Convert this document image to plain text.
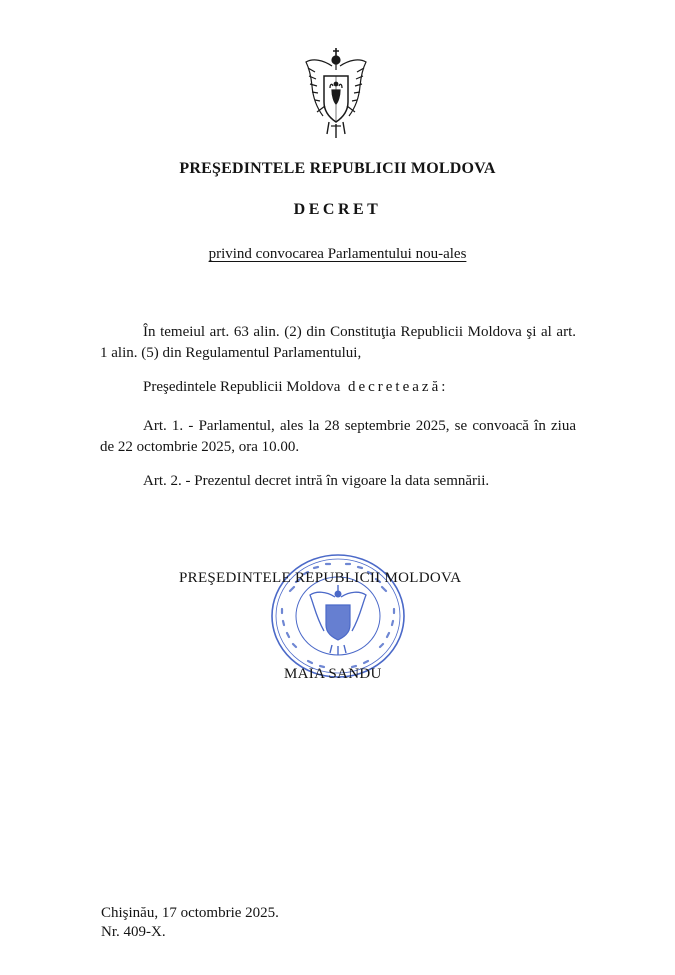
PREŞEDINTELE REPUBLICII MOLDOVA
DECRET
privind convocarea Parlamentului nou-ales
În temeiul art. 63 alin. (2) din Constituţia Republicii Moldova şi al art. 1 alin. (5) din Regulamentul Parlamentului,
Preşedintele Republicii Moldova decretează:
Art. 1. - Parlamentul, ales la 28 septembrie 2025, se convoacă în ziua de 22 octombrie 2025, ora 10.00.
Art. 2. - Prezentul decret intră în vigoare la data semnării.
PREŞEDINTELE REPUBLICII MOLDOVA
MAIA SANDU
Chişinău, 17 octombrie 2025.
Nr. 409-X.
